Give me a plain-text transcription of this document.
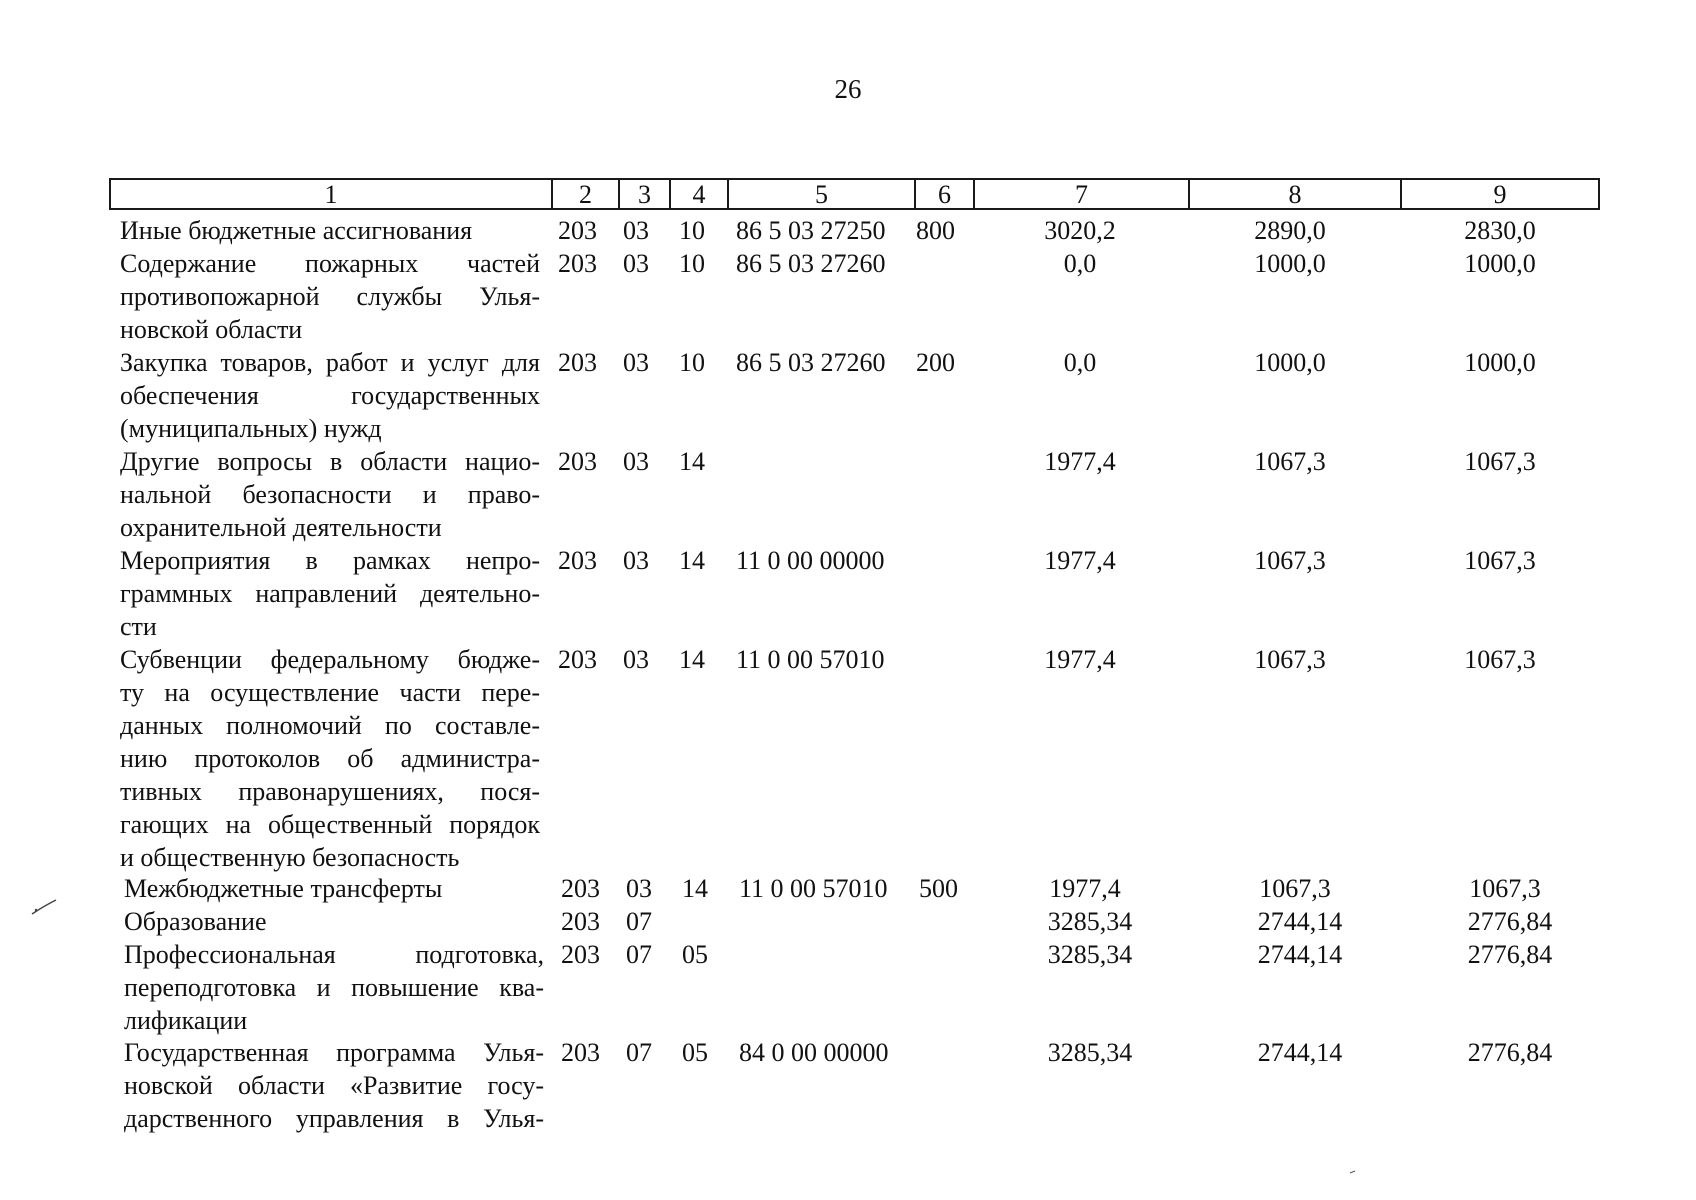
26
1	2	3	4	5	6	7	8	9
Иные бюджетные ассигнования	203 03 10 86 5 03 27250 800	3020,2	2890,0	2830,0
Содержание пожарных частей
противопожарной службы Улья-
новской области
203 03 10 86 5 03 27260	0,0	1000,0	1000,0
Закупка товаров, работ и услуг для
обеспечения государственных
(муниципальных) нужд
203 03 10 86 5 03 27260 200	0,0	1000,0	1000,0
Другие вопросы в области нацио-
нальной безопасности и право-
охранительной деятельности
203 03 14	1977,4	1067,3	1067,3
Мероприятия в рамках непро-
граммных направлений деятельно-
сти
203 03 14 11 0 00 00000	1977,4	1067,3	1067,3
Субвенции федеральному бюдже-
ту на осуществление части пере-
данных полномочий по составле-
нию протоколов об администра-
тивных правонарушениях, пося-
гающих на общественный порядок
и общественную безопасность
203 03 14 11 0 00 57010	1977,4	1067,3	1067,3
Межбюджетные трансферты	203 03 14 11 0 00 57010 500	1977,4	1067,3	1067,3
Образование	203 07	3285,34	2744,14	2776,84
Профессиональная подготовка,
переподготовка и повышение ква-
лификации
203 07 05	3285,34	2744,14	2776,84
Государственная программа Улья-
новской области «Развитие госу-
дарственного управления в Улья-
203 07 05 84 0 00 00000	3285,34	2744,14	2776,84
